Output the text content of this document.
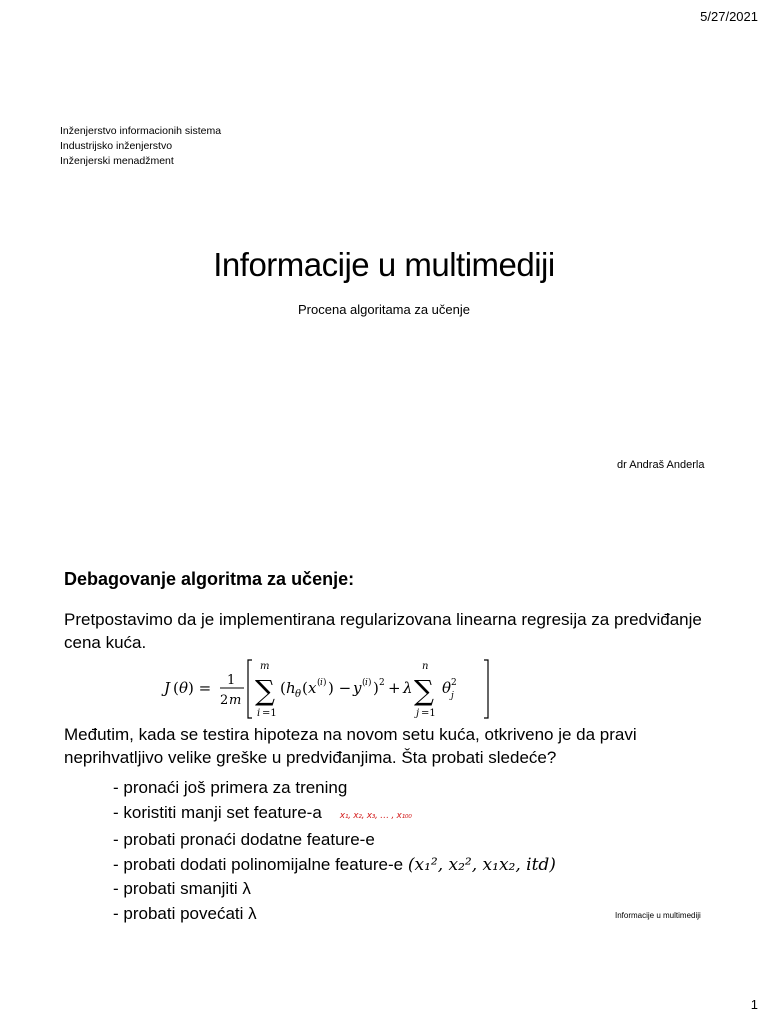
5/27/2021
Inženjerstvo informacionih sistema
Industrijsko inženjerstvo
Inženjerski menadžment
Informacije u multimediji
Procena algoritama za učenje
dr Andraš Anderla
Debagovanje algoritma za učenje:
Pretpostavimo da je implementirana regularizovana linearna regresija za predviđanje cena kuća.
J ( θ ) = 1
2 m
m
∑
i =1
( h θ ( x ( i ) ) − y ( i ) ) 2 + λ
n
∑
j =1
θ 2
j
Međutim, kada se testira hipoteza na novom setu kuća, otkriveno je da pravi neprihvatljivo velike greške u predviđanjima. Šta probati sledeće?
- pronaći još primera za trening
- koristiti manji set feature-a x₁, x₂, x₃, … , x₁₀₀
- probati pronaći dodatne feature-e
- probati dodati polinomijalne feature-e (x₁², x₂², x₁x₂, itd)
- probati smanjiti λ
- probati povećati λ	Informacije u multimediji
1
